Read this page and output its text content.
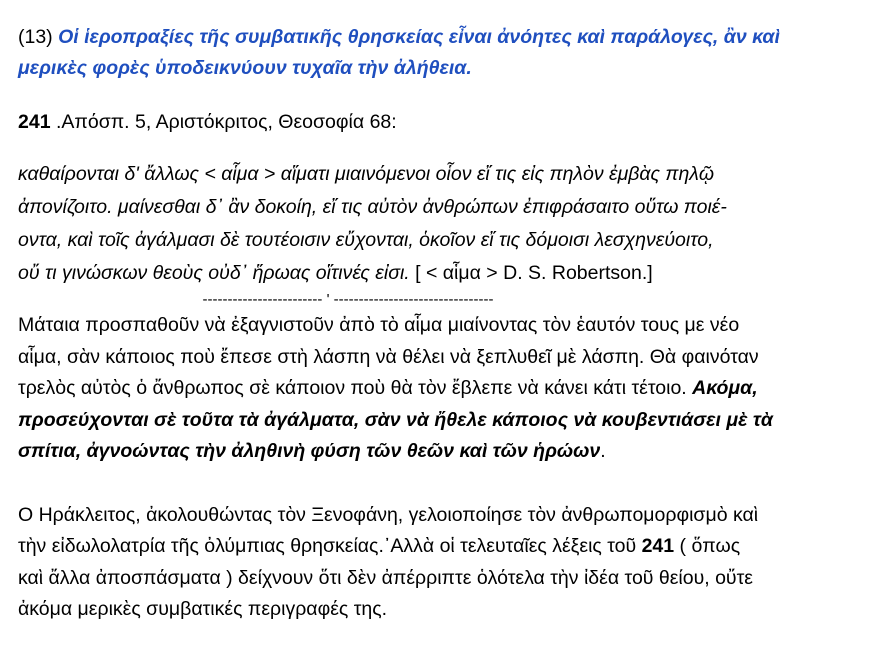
(13) Οἱ ἱεροπραξίες τῆς συμβατικῆς θρησκείας εἶναι ἀνόητες καὶ παράλογες, ἂν καὶ
μερικὲς φορὲς ὑποδεικνύουν τυχαῖα τὴν ἀλήθεια.

241 .Απόσπ. 5, Αριστόκριτος, Θεοσοφία 68:
καθαίρονται δ' ἄλλως < αἷμα > αἵματι μιαινόμενοι οἷον εἴ τις εἰς πηλὸν ἐμβὰς πηλῷ
ἀπονίζοιτο. μαίνεσθαι δ᾽ ἂν δοκοίη, εἴ τις αὐτὸν ἀνθρώπων ἐπιφράσαιτο οὕτω ποιέ-
οντα, καὶ τοῖς ἀγάλμασι δὲ τουτέοισιν εὔχονται, ὁκοῖον εἴ τις δόμοισι λεσχηνεύοιτο,
οὔ τι γινώσκων θεοὺς οὐδ᾽ ἥρωας οἵτινές εἰσι. [ < αἷμα > D. S. Robertson.]
------------------------ ' --------------------------------
Μάταια προσπαθοῦν νὰ ἐξαγνιστοῦν ἀπὸ τὸ αἷμα μιαίνοντας τὸν ἑαυτόν τους με νέο
αἷμα, σὰν κάποιος ποὺ ἔπεσε στὴ λάσπη νὰ θέλει νὰ ξεπλυθεῖ μὲ λάσπη. Θὰ φαινόταν
τρελὸς αὐτὸς ὁ ἄνθρωπος σὲ κάποιον ποὺ θὰ τὸν ἔβλεπε νὰ κάνει κάτι τέτοιο. Ακόμα,
προσεύχονται σὲ τοῦτα τὰ ἀγάλματα, σὰν νὰ ἤθελε κάποιος νὰ κουβεντιάσει μὲ τὰ
σπίτια, ἀγνοώντας τὴν ἀληθινὴ φύση τῶν θεῶν καὶ τῶν ἡρώων.
Ο Ηράκλειτος, ἀκολουθώντας τὸν Ξενοφάνη, γελοιοποίησε τὸν ἀνθρωπομορφισμὸ καὶ
τὴν εἰδωλολατρία τῆς ὀλύμπιας θρησκείας.᾽Αλλὰ οἱ τελευταῖες λέξεις τοῦ 241 ( ὅπως
καὶ ἄλλα ἀποσπάσματα ) δείχνουν ὅτι δὲν ἀπέρριπτε ὁλότελα τὴν ἰδέα τοῦ θείου, οὔτε
ἀκόμα μερικὲς συμβατικές περιγραφές της.
